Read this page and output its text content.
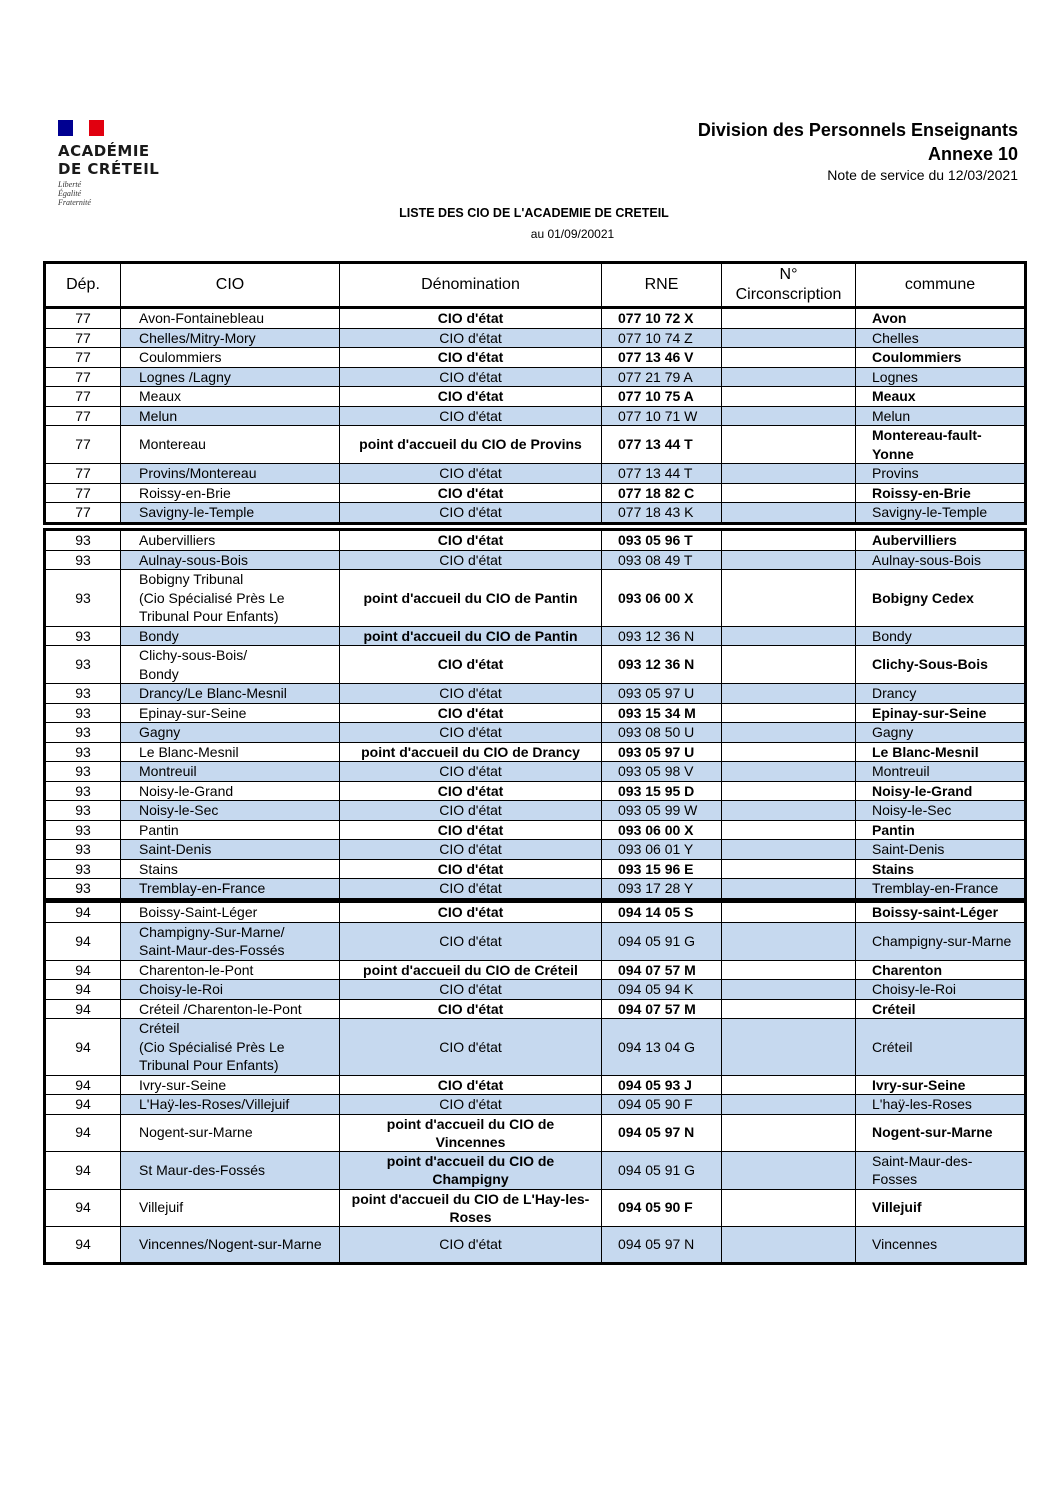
ACADÉMIE
DE CRÉTEIL
Liberté
Égalité
Fraternité
Division des Personnels Enseignants
Annexe 10
Note de service du 12/03/2021
LISTE DES CIO DE L'ACADEMIE DE CRETEIL
au 01/09/20021
Dép.	CIO	Dénomination	RNE	N°
Circonscription	commune
77	Avon-Fontainebleau	CIO d'état	077 10 72 X		Avon
77	Chelles/Mitry-Mory	CIO d'état	077 10 74 Z		Chelles
77	Coulommiers	CIO d'état	077 13 46 V		Coulommiers
77	Lognes /Lagny	CIO d'état	077 21 79 A		Lognes
77	Meaux	CIO d'état	077 10 75 A		Meaux
77	Melun	CIO d'état	077 10 71 W		Melun
77	Montereau	point d'accueil du CIO de Provins	077 13 44 T		Montereau-fault-
Yonne
77	Provins/Montereau	CIO d'état	077 13 44 T		Provins
77	Roissy-en-Brie	CIO d'état	077 18 82 C		Roissy-en-Brie
77	Savigny-le-Temple	CIO d'état	077 18 43 K		Savigny-le-Temple
93	Aubervilliers	CIO d'état	093 05 96 T		Aubervilliers
93	Aulnay-sous-Bois	CIO d'état	093 08 49 T		Aulnay-sous-Bois
93	Bobigny Tribunal
(Cio Spécialisé Près Le
Tribunal Pour Enfants)	point d'accueil du CIO de Pantin	093 06 00 X		Bobigny Cedex
93	Bondy	point d'accueil du CIO de Pantin	093 12 36 N		Bondy
93	Clichy-sous-Bois/
Bondy	CIO d'état	093 12 36 N		Clichy-Sous-Bois
93	Drancy/Le Blanc-Mesnil	CIO d'état	093 05 97 U		Drancy
93	Epinay-sur-Seine	CIO d'état	093 15 34 M		Epinay-sur-Seine
93	Gagny	CIO d'état	093 08 50 U		Gagny
93	Le Blanc-Mesnil	point d'accueil du CIO de Drancy	093 05 97 U		Le Blanc-Mesnil
93	Montreuil	CIO d'état	093 05 98 V		Montreuil
93	Noisy-le-Grand	CIO d'état	093 15 95 D		Noisy-le-Grand
93	Noisy-le-Sec	CIO d'état	093 05 99 W		Noisy-le-Sec
93	Pantin	CIO d'état	093 06 00 X		Pantin
93	Saint-Denis	CIO d'état	093 06 01 Y		Saint-Denis
93	Stains	CIO d'état	093 15 96 E		Stains
93	Tremblay-en-France	CIO d'état	093 17 28 Y		Tremblay-en-France
94	Boissy-Saint-Léger	CIO d'état	094 14 05 S		Boissy-saint-Léger
94	Champigny-Sur-Marne/
Saint-Maur-des-Fossés	CIO d'état	094 05 91 G		Champigny-sur-Marne
94	Charenton-le-Pont	point d'accueil du CIO de Créteil	094 07 57 M		Charenton
94	Choisy-le-Roi	CIO d'état	094 05 94 K		Choisy-le-Roi
94	Créteil /Charenton-le-Pont	CIO d'état	094 07 57 M		Créteil
94	Créteil
(Cio Spécialisé Près Le
Tribunal Pour Enfants)	CIO d'état	094 13 04 G		Créteil
94	Ivry-sur-Seine	CIO d'état	094 05 93 J		Ivry-sur-Seine
94	L'Haÿ-les-Roses/Villejuif	CIO d'état	094 05 90 F		L'haÿ-les-Roses
94	Nogent-sur-Marne	point d'accueil du CIO de
Vincennes	094 05 97 N		Nogent-sur-Marne
94	St Maur-des-Fossés	point d'accueil du CIO de
Champigny	094 05 91 G		Saint-Maur-des-
Fosses
94	Villejuif	point d'accueil du CIO de L'Hay-les-
Roses	094 05 90 F		Villejuif
94	Vincennes/Nogent-sur-Marne	CIO d'état	094 05 97 N		Vincennes
